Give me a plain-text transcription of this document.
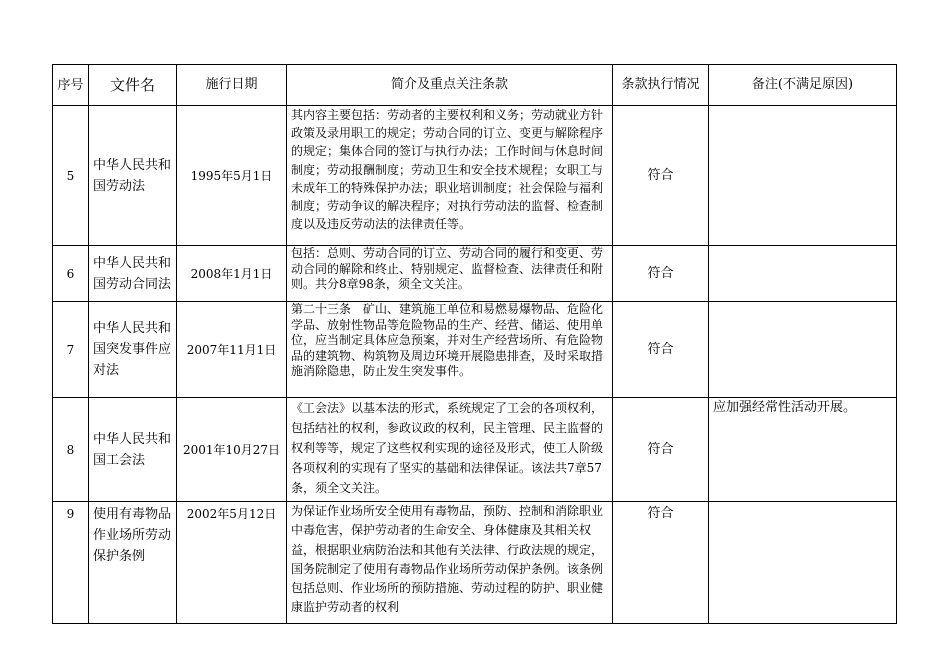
序号	文件名	施行日期	简介及重点关注条款	条款执行情况	备注(不满足原因)
5	中华人民共和国劳动法	1995年5月1日	其内容主要包括：劳动者的主要权利和义务；劳动就业方针政策及录用职工的规定；劳动合同的订立、变更与解除程序的规定；集体合同的签订与执行办法；工作时间与休息时间制度；劳动报酬制度；劳动卫生和安全技术规程；女职工与未成年工的特殊保护办法；职业培训制度；社会保险与福利制度；劳动争议的解决程序；对执行劳动法的监督、检查制度以及违反劳动法的法律责任等。	符合	
6	中华人民共和国劳动合同法	2008年1月1日	包括：总则、劳动合同的订立、劳动合同的履行和变更、劳动合同的解除和终止、特别规定、监督检查、法律责任和附则。共分8章98条，须全文关注。	符合	
7	中华人民共和国突发事件应对法	2007年11月1日	第二十三条　矿山、建筑施工单位和易燃易爆物品、危险化学品、放射性物品等危险物品的生产、经营、储运、使用单位，应当制定具体应急预案，并对生产经营场所、有危险物品的建筑物、构筑物及周边环境开展隐患排查，及时采取措施消除隐患，防止发生突发事件。	符合	
8	中华人民共和国工会法	2001年10月27日	《工会法》以基本法的形式，系统规定了工会的各项权利，包括结社的权利，参政议政的权利，民主管理、民主监督的权利等等，规定了这些权利实现的途径及形式，使工人阶级各项权利的实现有了坚实的基础和法律保证。该法共7章57条，须全文关注。	符合	应加强经常性活动开展。
9	使用有毒物品作业场所劳动保护条例	2002年5月12日	为保证作业场所安全使用有毒物品，预防、控制和消除职业中毒危害，保护劳动者的生命安全、身体健康及其相关权益，根据职业病防治法和其他有关法律、行政法规的规定，国务院制定了使用有毒物品作业场所劳动保护条例。该条例包括总则、作业场所的预防措施、劳动过程的防护、职业健康监护劳动者的权利	符合	
